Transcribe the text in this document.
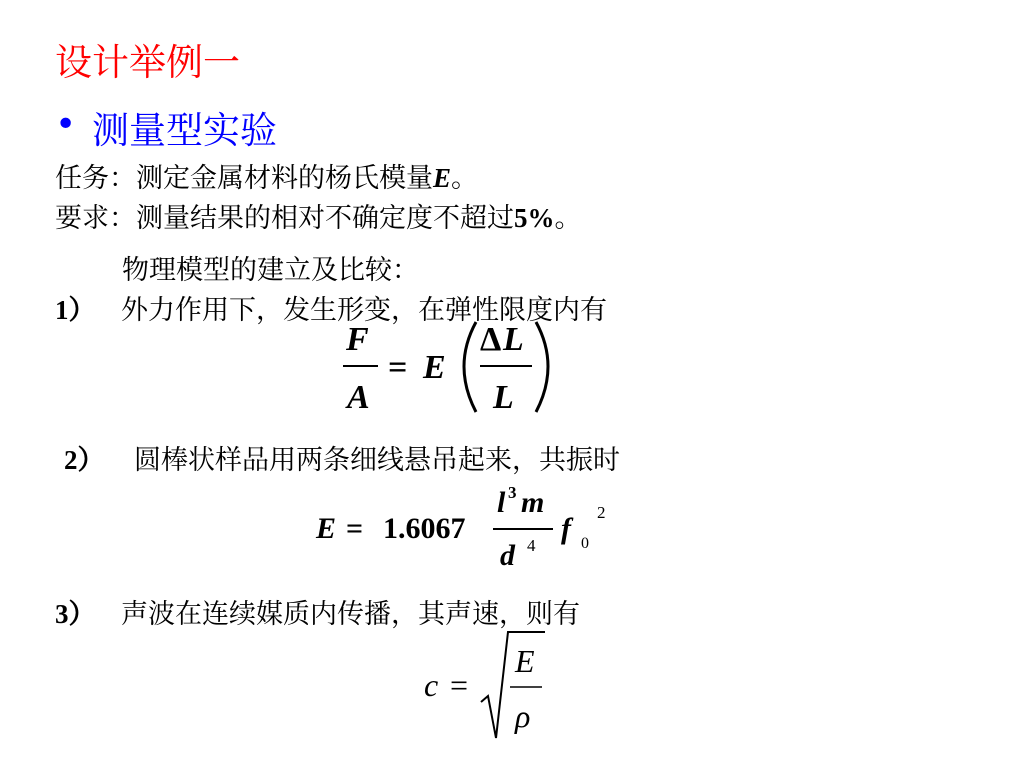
设计举例一
• 测量型实验
任务：测定金属材料的杨氏模量E。
要求：测量结果的相对不确定度不超过5%。
物理模型的建立及比较：
1） 外力作用下，发生形变，在弹性限度内有
F
A
= E
Δ L
L
2） 圆棒状样品用两条细线悬吊起来，共振时
E = 1.6067
l 3 m
d 4
f 0
2
3） 声波在连续媒质内传播，其声速，则有
c =
E
ρ
